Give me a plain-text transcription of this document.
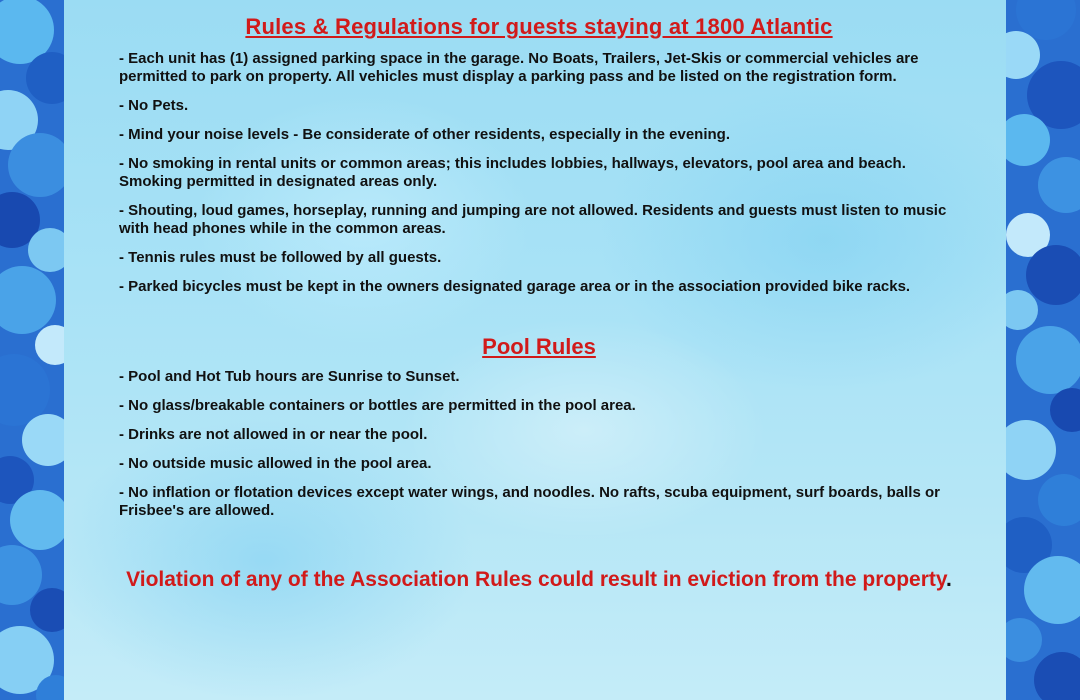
Rules & Regulations for guests staying at 1800 Atlantic

- Each unit has (1) assigned parking space in the garage. No Boats, Trailers, Jet-Skis or commercial vehicles are permitted to park on property. All vehicles must display a parking pass and be listed on the registration form.

- No Pets.

- Mind your noise levels - Be considerate of other residents, especially in the evening.

- No smoking in rental units or common areas; this includes lobbies, hallways, elevators, pool area and beach. Smoking permitted in designated areas only.

- Shouting, loud games, horseplay, running and jumping are not allowed. Residents and guests must listen to music with head phones while in the common areas.

- Tennis rules must be followed by all guests.

- Parked bicycles must be kept in the owners designated garage area or in the association provided bike racks.

Pool Rules

- Pool and Hot Tub hours are Sunrise to Sunset.

- No glass/breakable containers or bottles are permitted in the pool area.

- Drinks are not allowed in or near the pool.

- No outside music allowed in the pool area.

- No inflation or flotation devices except water wings, and noodles. No rafts, scuba equipment, surf boards, balls or Frisbee's are allowed.

Violation of any of the Association Rules could result in eviction from the property.
